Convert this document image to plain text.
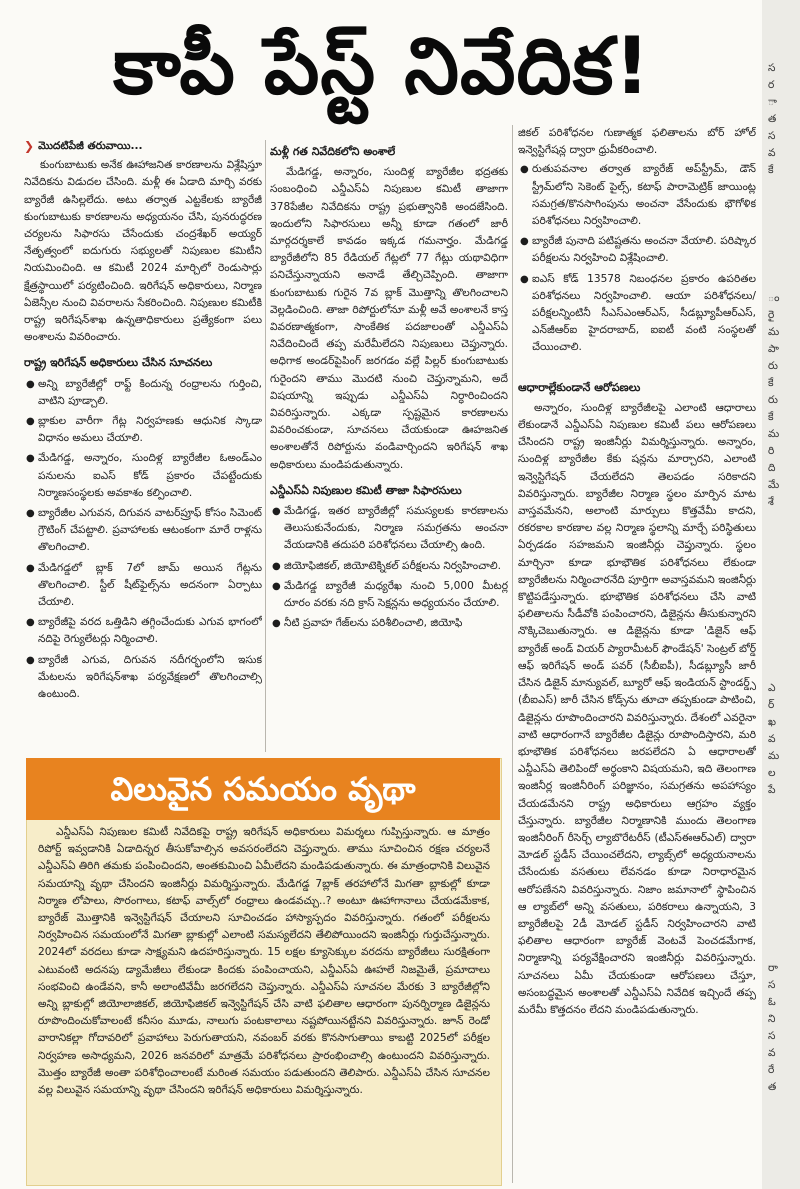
కాపీ పేస్ట్ నివేదిక!
❯ మొదటిపేజీ తరువాయి...

కుంగుబాటుకు అనేక ఊహాజనిత కారణాలను విశ్లేషిస్తూ నివేదికను విడుదల చేసింది. మళ్లీ ఈ ఏడాది మార్చి వరకు బ్యారేజీ ఉసిల్లలేదు. అటు తర్వాత ఎట్టకేలకు బ్యారేజీ కుంగుబాటుకు కారణాలను అధ్యయనం చేసి, పునరుద్ధరణ చర్యలను సిఫారసు చేసేందుకు చంద్రశేఖర్ అయ్యర్ నేతృత్వంలో ఐదుగురు సభ్యులతో నిపుణుల కమిటీని నియమించింది. ఆ కమిటీ 2024 మార్చిలో రెండుసార్లు క్షేత్రస్థాయిలో పర్యటించింది. ఇరిగేషన్ అధికారులు, నిర్మాణ ఏజెన్సీల నుంచి వివరాలను సేకరించింది. నిపుణుల కమిటీకి రాష్ట్ర ఇరిగేషన్‌శాఖ ఉన్నతాధికారులు ప్రత్యేకంగా పలు అంశాలను వివరించారు.

రాష్ట్ర ఇరిగేషన్ అధికారులు చేసిన సూచనలు
● అన్ని బ్యారేజీల్లో రాఫ్ట్ కిందున్న రంధ్రాలను గుర్తించి, వాటిని పూడ్చాలి.
● బ్లాకుల వారీగా గేట్ల నిర్వహణకు ఆధునిక స్కాడా విధానం అమలు చేయాలి.
● మేడిగడ్డ, అన్నారం, సుందిళ్ల బ్యారేజీల ఓఅండ్‌ఎం పనులను ఐఎస్ కోడ్ ప్రకారం చేపట్టేందుకు నిర్మాణసంస్థలకు అవకాశం కల్పించాలి.
● బ్యారేజీల ఎగువన, దిగువన వాటర్‌ప్రూఫ్ కోసం సిమెంట్ గ్రౌటింగ్ చేపట్టాలి. ప్రవాహాలకు ఆటంకంగా మారే రాళ్లను తొలగించాలి.
● మేడిగడ్డలో బ్లాక్ 7లో జామ్ అయిన గేట్లను తొలగించాలి. స్టీల్ షీట్‌ఫైల్స్‌ను అదనంగా ఏర్పాటు చేయాలి.
● బ్యారేజీపై వరద ఒత్తిడిని తగ్గించేందుకు ఎగువ భాగంలో నదిపై రెగ్యులేటర్లు నిర్మించాలి.
● బ్యారేజీ ఎగువ, దిగువన నదీగర్భంలోని ఇసుక మేటలను ఇరిగేషన్‌శాఖ పర్యవేక్షణలో తొలగించాల్సి ఉంటుంది.
మళ్లీ గత నివేదికలోని అంశాలే

మేడిగడ్డ, అన్నారం, సుందిళ్ల బ్యారేజీల భద్రతకు సంబంధించి ఎన్డీఎస్‌ఏ నిపుణుల కమిటీ తాజాగా 378పేజీల నివేదికను రాష్ట్ర ప్రభుత్వానికి అందజేసింది. ఇందులోని సిఫారసులు అన్నీ కూడా గతంలో జారీ మార్గదర్శకాలే కావడం ఇక్కడ గమనార్హం. మేడిగడ్డ బ్యారేజీలోని 85 రేడియల్ గేట్లలో 77 గేట్లు యథావిధిగా పనిచేస్తున్నాయని అనాడే తేల్చిచెప్పింది. తాజాగా కుంగుబాటుకు గురైన 7వ బ్లాక్ మొత్తాన్ని తొలగించాలని వెల్లడించింది. తాజా రిపోర్టులోనూ మళ్లీ అవే అంశాలనే కాస్త వివరణాత్మకంగా, సాంకేతిక పదజాలంతో ఎన్డీఎస్‌ఏ నివేదించిందే తప్ప మరేమీలేదని నిపుణులు చెప్తున్నారు. అధిగాక అండర్‌పైపింగ్ జరగడం వల్లే పిల్లర్ కుంగుబాటుకు గురైందని తాము మొదటి నుంచి చెప్తున్నామని, అదే విషయాన్ని ఇప్పుడు ఎన్డీఎస్‌ఏ నిర్ధారించిందని వివరిస్తున్నారు. ఎక్కడా స్పష్టమైన కారణాలను వివరించకుండా, సూచనలు చేయకుండా ఊహజనిత అంశాలతోనే రిపోర్టును వండివార్చిందని ఇరిగేషన్ శాఖ అధికారులు మండిపడుతున్నారు.

ఎన్డీఎస్‌ఏ నిపుణుల కమిటీ తాజా సిఫారసులు
● మేడిగడ్డ, ఇతర బ్యారేజీల్లో సమస్యలకు కారణాలను తెలుసుకునేందుకు, నిర్మాణ సమగ్రతను అంచనా వేయడానికి తదుపరి పరిశోధనలు చేయాల్సి ఉంది.
● జియోఫిజికల్, జియోటెక్నికల్ పరీక్షలను నిర్వహించాలి.
● మేడిగడ్డ బ్యారేజీ మధ్యరేఖ నుంచి 5,000 మీటర్ల దూరం వరకు నది క్రాస్ సెక్షన్లను అధ్యయనం చేయాలి.
● నీటి ప్రవాహ గేజ్‌లను పరిశీలించాలి, జియోఫి

జికల్ పరిశోధనల గుణాత్మక ఫలితాలను బోర్ హోల్ ఇన్వెస్టిగేషన్ల ద్వారా ధ్రువీకరించాలి.

● రుతుపవనాల తర్వాత బ్యారేజ్ అప్‌స్ట్రీమ్, డౌన్ స్ట్రీమ్‌లోని సెకెంట్ పైల్స్, కటాఫ్ పారామెట్రిక్ జాయింట్ల సమగ్రత/కొనసాగింపును అంచనా వేసేందుకు భౌగోళిక పరిశోధనలు నిర్వహించాలి.
● బ్యారేజీ పునాది పటిష్టతను అంచనా వేయాలి. పరిష్కార పరీక్షలను నిర్వహించి విశ్లేషించాలి.
● ఐఎస్ కోడ్ 13578 నిబంధనల ప్రకారం ఉపరితల పరిశోధనలు నిర్వహించాలి. ఆయా పరిశోధనలు/పరీక్షలన్నింటినీ సీఎస్‌ఎంఆర్‌ఎస్, సీడబ్ల్యూపీఆర్‌ఎస్, ఎన్‌జీఆర్‌ఐ హైదరాబాద్, ఐఐటీ వంటి సంస్థలతో చేయించాలి.
ఆధారాల్లేకుండానే ఆరోపణలు

అన్నారం, సుందిళ్ల బ్యారేజీలపై ఎలాంటి ఆధారాలు లేకుండానే ఎన్డీఎస్‌ఏ నిపుణుల కమిటీ పలు ఆరోపణలు చేసిందని రాష్ట్ర ఇంజినీర్లు విమర్శిస్తున్నారు. అన్నారం, సుందిళ్ల బ్యారేజీల కేకు షన్లను మార్చారని, ఎలాంటి ఇన్వెస్టిగేషన్ చేయలేదని తెలపడం సరికాదని వివరిస్తున్నారు. బ్యారేజీల నిర్మాణ స్థలం మార్పిన మాట వాస్తవమేనని, అలాంటి మార్పులు కొత్తవేమీ కాదని, రకరకాల కారణాల వల్ల నిర్మాణ స్థలాన్ని మార్చే పరిస్థితులు ఏర్పడడం సహజమని ఇంజినీర్లు చెప్తున్నారు. స్థలం మార్చినా కూడా భూభౌతిక పరిశోధనలు లేకుండా బ్యారేజీలను నిర్మించారనేది పూర్తిగా అవాస్తవమని ఇంజినీర్లు కొట్టిపడేస్తున్నారు. భూభౌతిక పరిశోధనలు చేసి వాటి ఫలితాలను సీడీవోకి పంపించారని, డిజైన్లను తీసుకున్నారని నొక్కిచెబుతున్నారు. ఆ డిజైన్లను కూడా 'డిజైన్ ఆఫ్ బ్యారేజ్ అండ్ వియర్ ప్యారామీటర్ ఫౌండేషన్' సెంట్రల్ బోర్డ్ ఆఫ్ ఇరిగేషన్ అండ్ పవర్ (సీబీఐపీ), సీడబ్ల్యూసీ జారీ చేసిన డిజైన్ మాన్యువల్, బ్యూరో ఆఫ్ ఇండియన్ స్టాండర్డ్స్ (బీఐఎస్) జారీ చేసిన కోడ్స్‌ను తూచా తప్పకుండా పాటించి, డిజైన్లను రూపొందించారని వివరిస్తున్నారు. దేశంలో ఎవరైనా వాటి ఆధారంగానే బ్యారేజీల డిజైన్లు రూపొందిస్తారని, మరి భూభౌతిక పరిశోధనలు జరపలేదని ఏ ఆధారాలతో ఎన్డీఎస్‌ఏ తెలిపిందో అర్థంకాని విషయమని, ఇది తెలంగాణ ఇంజినీర్ల ఇంజినీరింగ్ పరిజ్ఞానం, సమగ్రతను అపహాస్యం చేయడమేనని రాష్ట్ర అధికారులు ఆగ్రహం వ్యక్తం చేస్తున్నారు. బ్యారేజీల నిర్మాణానికి ముందు తెలంగాణ ఇంజినీరింగ్ రీసెర్చ్ ల్యాబొరేటరీస్ (టీఎస్‌ఈఆర్‌ఎల్) ద్వారా మోడల్ స్టడీస్ చేయించలేదని, ల్యాబ్స్‌లో అధ్యయనాలను చేసేందుకు వసతులు లేవనడం కూడా నిరాధారమైన ఆరోపణేనని వివరిస్తున్నారు. నిజాం జమానాలో స్థాపించిన ఆ ల్యాబ్‌లో అన్ని వసతులు, పరికరాలు ఉన్నాయని, 3 బ్యారేజీలపై 2డీ మోడల్ స్టడీస్ నిర్వహించారని వాటి ఫలితాల ఆధారంగా బ్యారేజ్ వెంటవే పెంచడమేగాక, నిర్మాణాన్ని పర్యవేక్షించారని ఇంజినీర్లు వివరిస్తున్నారు. సూచనలు ఏమీ చేయకుండా ఆరోపణలు చేస్తూ, అసంబద్ధమైన అంశాలతో ఎన్డీఎస్‌ఏ నివేదిక ఇచ్చిందే తప్ప మరేమీ కొత్తదనం లేదని మండిపడుతున్నారు.

విలువైన సమయం వృథా

ఎన్డీఎస్‌ఏ నిపుణుల కమిటీ నివేదికపై రాష్ట్ర ఇరిగేషన్ అధికారులు విమర్శలు గుప్పిస్తున్నారు. ఆ మాత్రం రిపోర్ట్ ఇవ్వడానికి ఏడాదిన్నర తీసుకోవాల్సిన అవసరంలేదని చెప్తున్నారు. తాము సూచించిన రక్షణ చర్యలనే ఎన్డీఎస్‌ఏ తిరిగి తమకు పంపించిందని, అంతకుమించి ఏమీలేదని మండిపడుతున్నారు. ఈ మాత్రంధానికి విలువైన సమయాన్ని వృథా చేసిందని ఇంజినీర్లు విమర్శిస్తున్నారు. మేడిగడ్డ 7బ్లాక్ తరహాలోనే మిగతా బ్లాకుల్లో కూడా నిర్మాణ లోపాలు, సొరంగాలు, కటాఫ్ వాల్స్‌లో రంధ్రాలు ఉండవచ్చు..? అంటూ ఊహాగానాలు చేయడమేకాక, బ్యారేజ్ మొత్తానికి ఇన్వెస్టిగేషన్ చేయాలని సూచించడం హాస్యాస్పదం వివరిస్తున్నారు. గతంలో పరీక్షలను నిర్వహించిన సమయంలోనే మిగతా బ్లాకుల్లో ఎలాంటి సమస్యలేదని తేలిపోయిందని ఇంజినీర్లు గుర్తుచేస్తున్నారు. 2024లో వరదలు కూడా సాక్ష్యమని ఉదహరిస్తున్నారు. 15 లక్షల క్యూసెక్కుల వరదను బ్యారేజీలు సురక్షితంగా ఎటువంటి అదనపు డ్యామేజీలు లేకుండా కిందకు పంపించాయని, ఎన్డీఎస్‌ఏ ఊహలే నిజమైతే, ప్రమాదాలు సంభవించి ఉండేవని, కానీ అలాంటివేమీ జరగలేదని చెప్తున్నారు. ఎన్డీఎస్‌ఏ సూచనల మేరకు 3 బ్యారేజీల్లోని అన్ని బ్లాకుల్లో జియోలాజికల్, జియోఫిజికల్ ఇన్వెస్టిగేషన్ చేసి వాటి ఫలితాల ఆధారంగా పునర్నిర్మాణ డిజైన్లను రూపొందించుకోవాలంటే కనీసం మూడు, నాలుగు పంటకాలాలు నష్టపోయినట్టేనని వివరిస్తున్నారు. జూన్ రెండో వారానికల్లా గోదావరిలో ప్రవాహాలు పెరుగుతాయని, నవంబర్ వరకు కొనసాగుతాయి కాబట్టి 2025లో పరీక్షల నిర్వహణ అసాధ్యమని, 2026 జనవరిలో మాత్రమే పరిశోధనలు ప్రారంభించాల్సి ఉంటుందని వివరిస్తున్నారు. మొత్తం బ్యారేజీ అంతా పరిశోధించాలంటే మరింత సమయం పడుతుందని తెలిపారు. ఎన్డీఎస్‌ఏ చేసిన సూచనల వల్ల విలువైన సమయాన్ని వృథా చేసిందని ఇరిగేషన్ అధికారులు విమర్శిస్తున్నారు.

స
ర
ా
త
స
వ
కే
ం
రై
మ
పా
రు
కే
రు
కే
మ
రి
ది
మే
శే
ఎ
ర్
ఖ
వ
మ
ల
పే
రా
స
ఓ
ని
స
వ
రే
త
